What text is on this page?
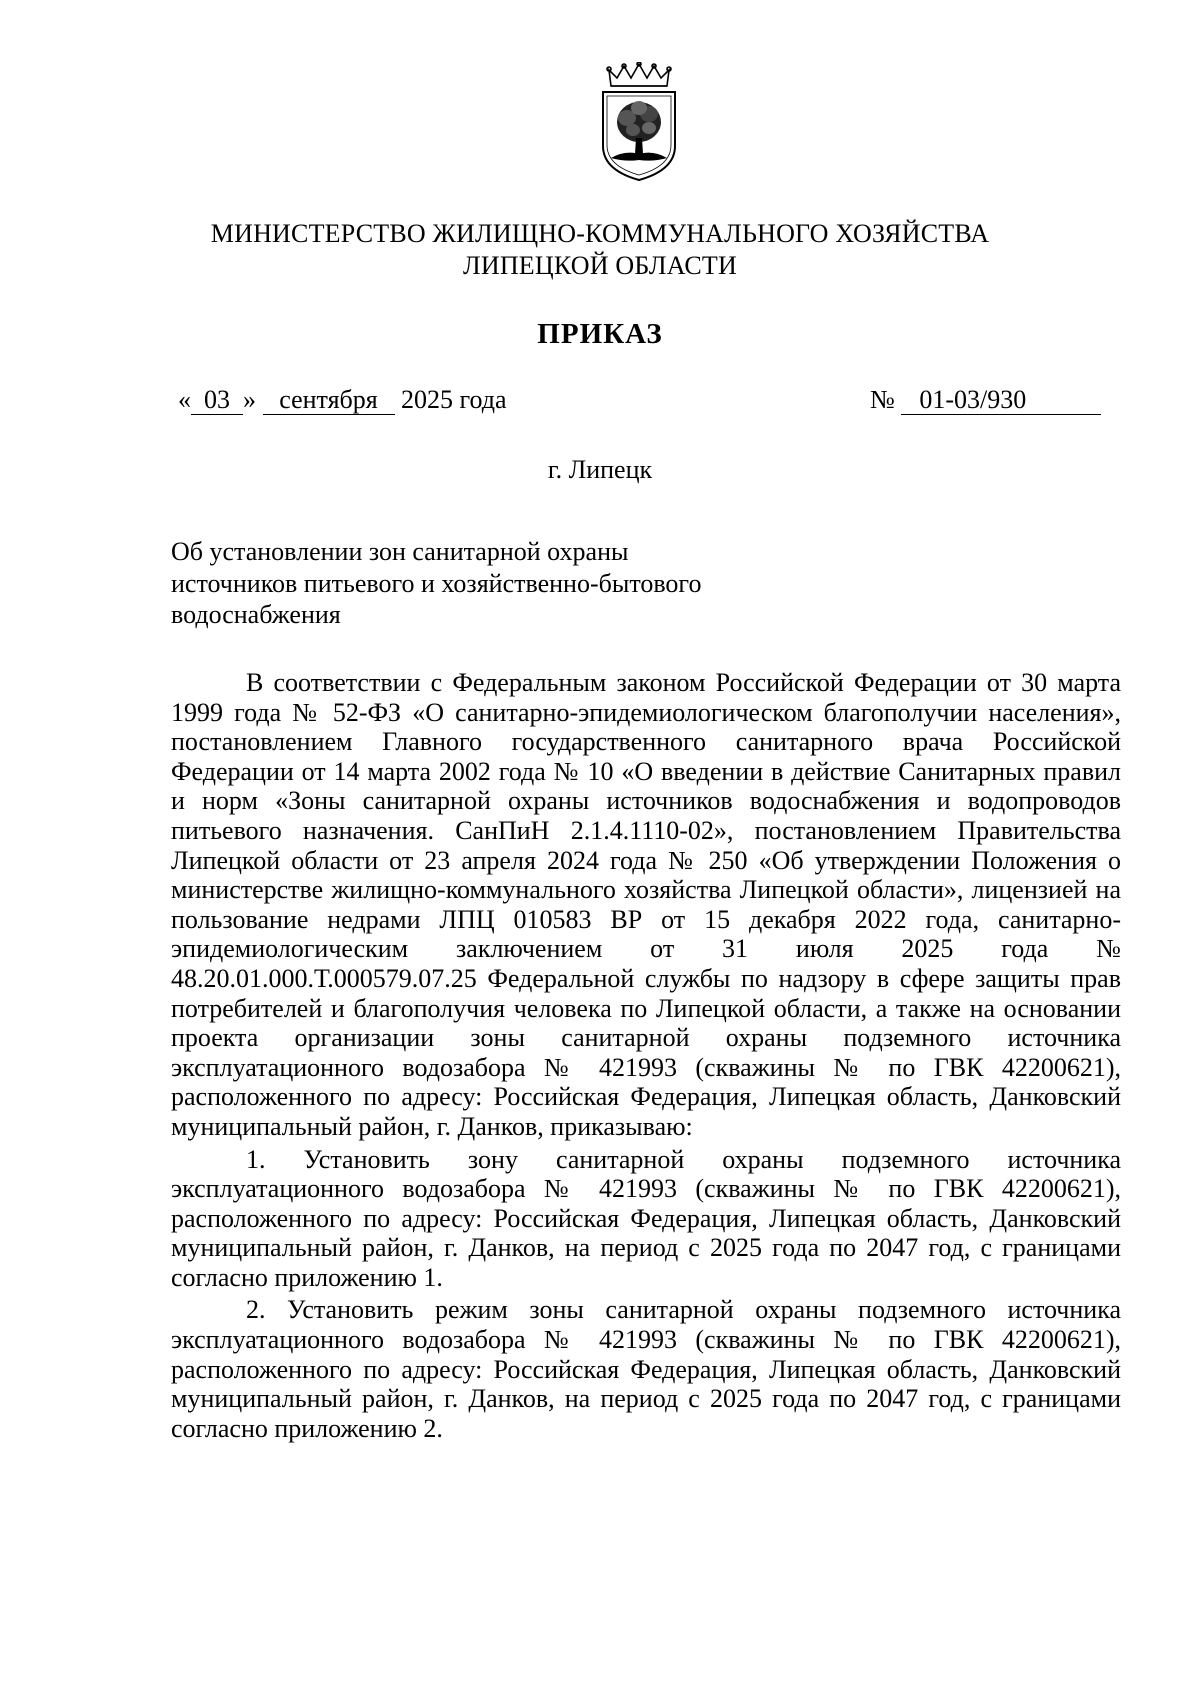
МИНИСТЕРСТВО ЖИЛИЩНО-КОММУНАЛЬНОГО ХОЗЯЙСТВА
ЛИПЕЦКОЙ ОБЛАСТИ
ПРИКАЗ
« 03 » сентября 2025 года	№ 01-03/930
г. Липецк
Об установлении зон санитарной охраны
источников питьевого и хозяйственно-бытового
водоснабжения

В соответствии с Федеральным законом Российской Федерации от 30 марта 1999 года № 52-ФЗ «О санитарно-эпидемиологическом благополучии населения», постановлением Главного государственного санитарного врача Российской Федерации от 14 марта 2002 года № 10 «О введении в действие Санитарных правил и норм «Зоны санитарной охраны источников водоснабжения и водопроводов питьевого назначения. СанПиН 2.1.4.1110-02», постановлением Правительства Липецкой области от 23 апреля 2024 года № 250 «Об утверждении Положения о министерстве жилищно-коммунального хозяйства Липецкой области», лицензией на пользование недрами ЛПЦ 010583 ВР от 15 декабря 2022 года, санитарно-эпидемиологическим заключением от 31 июля 2025 года № 48.20.01.000.Т.000579.07.25 Федеральной службы по надзору в сфере защиты прав потребителей и благополучия человека по Липецкой области, а также на основании проекта организации зоны санитарной охраны подземного источника эксплуатационного водозабора № 421993 (скважины № по ГВК 42200621), расположенного по адресу: Российская Федерация, Липецкая область, Данковский муниципальный район, г. Данков, приказываю:

1. Установить зону санитарной охраны подземного источника эксплуатационного водозабора № 421993 (скважины № по ГВК 42200621), расположенного по адресу: Российская Федерация, Липецкая область, Данковский муниципальный район, г. Данков, на период с 2025 года по 2047 год, с границами согласно приложению 1.

2. Установить режим зоны санитарной охраны подземного источника эксплуатационного водозабора № 421993 (скважины № по ГВК 42200621), расположенного по адресу: Российская Федерация, Липецкая область, Данковский муниципальный район, г. Данков, на период с 2025 года по 2047 год, с границами согласно приложению 2.
